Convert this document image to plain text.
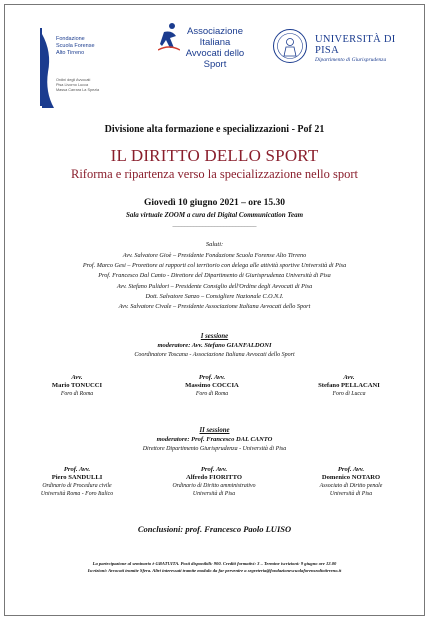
Fondazione
Scuola Forense
Alto Tirreno
Ordini degli Avvocati
Pisa Livorno Lucca
Massa Carrara La Spezia
Associazione
Italiana
Avvocati dello Sport
UNIVERSITÀ DI PISA
Dipartimento di Giurisprudenza
Divisione alta formazione e specializzazioni - Pof 21
IL DIRITTO DELLO SPORT
Riforma e ripartenza verso la specializzazione nello sport
Giovedì 10 giugno 2021 – ore 15.30
Sala virtuale ZOOM a cura del Digital Communication Team
____________________________
Saluti:
Avv. Salvatore Gioè – Presidente Fondazione Scuola Forense Alto Tirreno
Prof. Marco Gesi – Prorettore ai rapporti col territorio con delega alle attività sportive Università di Pisa
Prof. Francesco Dal Canto - Direttore del Dipartimento di Giurisprudenza Università di Pisa
Avv. Stefano Pulidori – Presidente Consiglio dell'Ordine degli Avvocati di Pisa
Dott. Salvatore Sanzo – Consigliere Nazionale C.O.N.I.
Avv. Salvatore Civale – Presidente Associazione Italiana Avvocati dello Sport
I sessione
moderatore: Avv. Stefano GIANFALDONI
Coordinatore Toscana - Associazione Italiana Avvocati dello Sport
Avv.
Mario TONUCCI
Foro di Roma
Prof. Avv.
Massimo COCCIA
Foro di Roma
Avv.
Stefano PELLACANI
Foro di Lucca
II sessione
moderatore: Prof. Francesco DAL CANTO
Direttore Dipartimento Giurisprudenza - Università di Pisa
Prof. Avv.
Piero SANDULLI
Ordinario di Procedura civile
Università Roma - Foro Italico
Prof. Avv.
Alfredo FIORITTO
Ordinario di Diritto amministrativo
Università di Pisa
Prof. Avv.
Domenico NOTARO
Associato di Diritto penale
Università di Pisa
Conclusioni: prof. Francesco Paolo LUISO
La partecipazione al seminario è GRATUITA. Posti disponibili: 900. Crediti formativi: 3 – Termine iscrizioni: 9 giugno ore 12.00
Iscrizioni: Avvocati tramite Sfera. Altri interessati tramite modulo da far pervenire a segreteria@fondazionescuolaforensealtotirreno.it
